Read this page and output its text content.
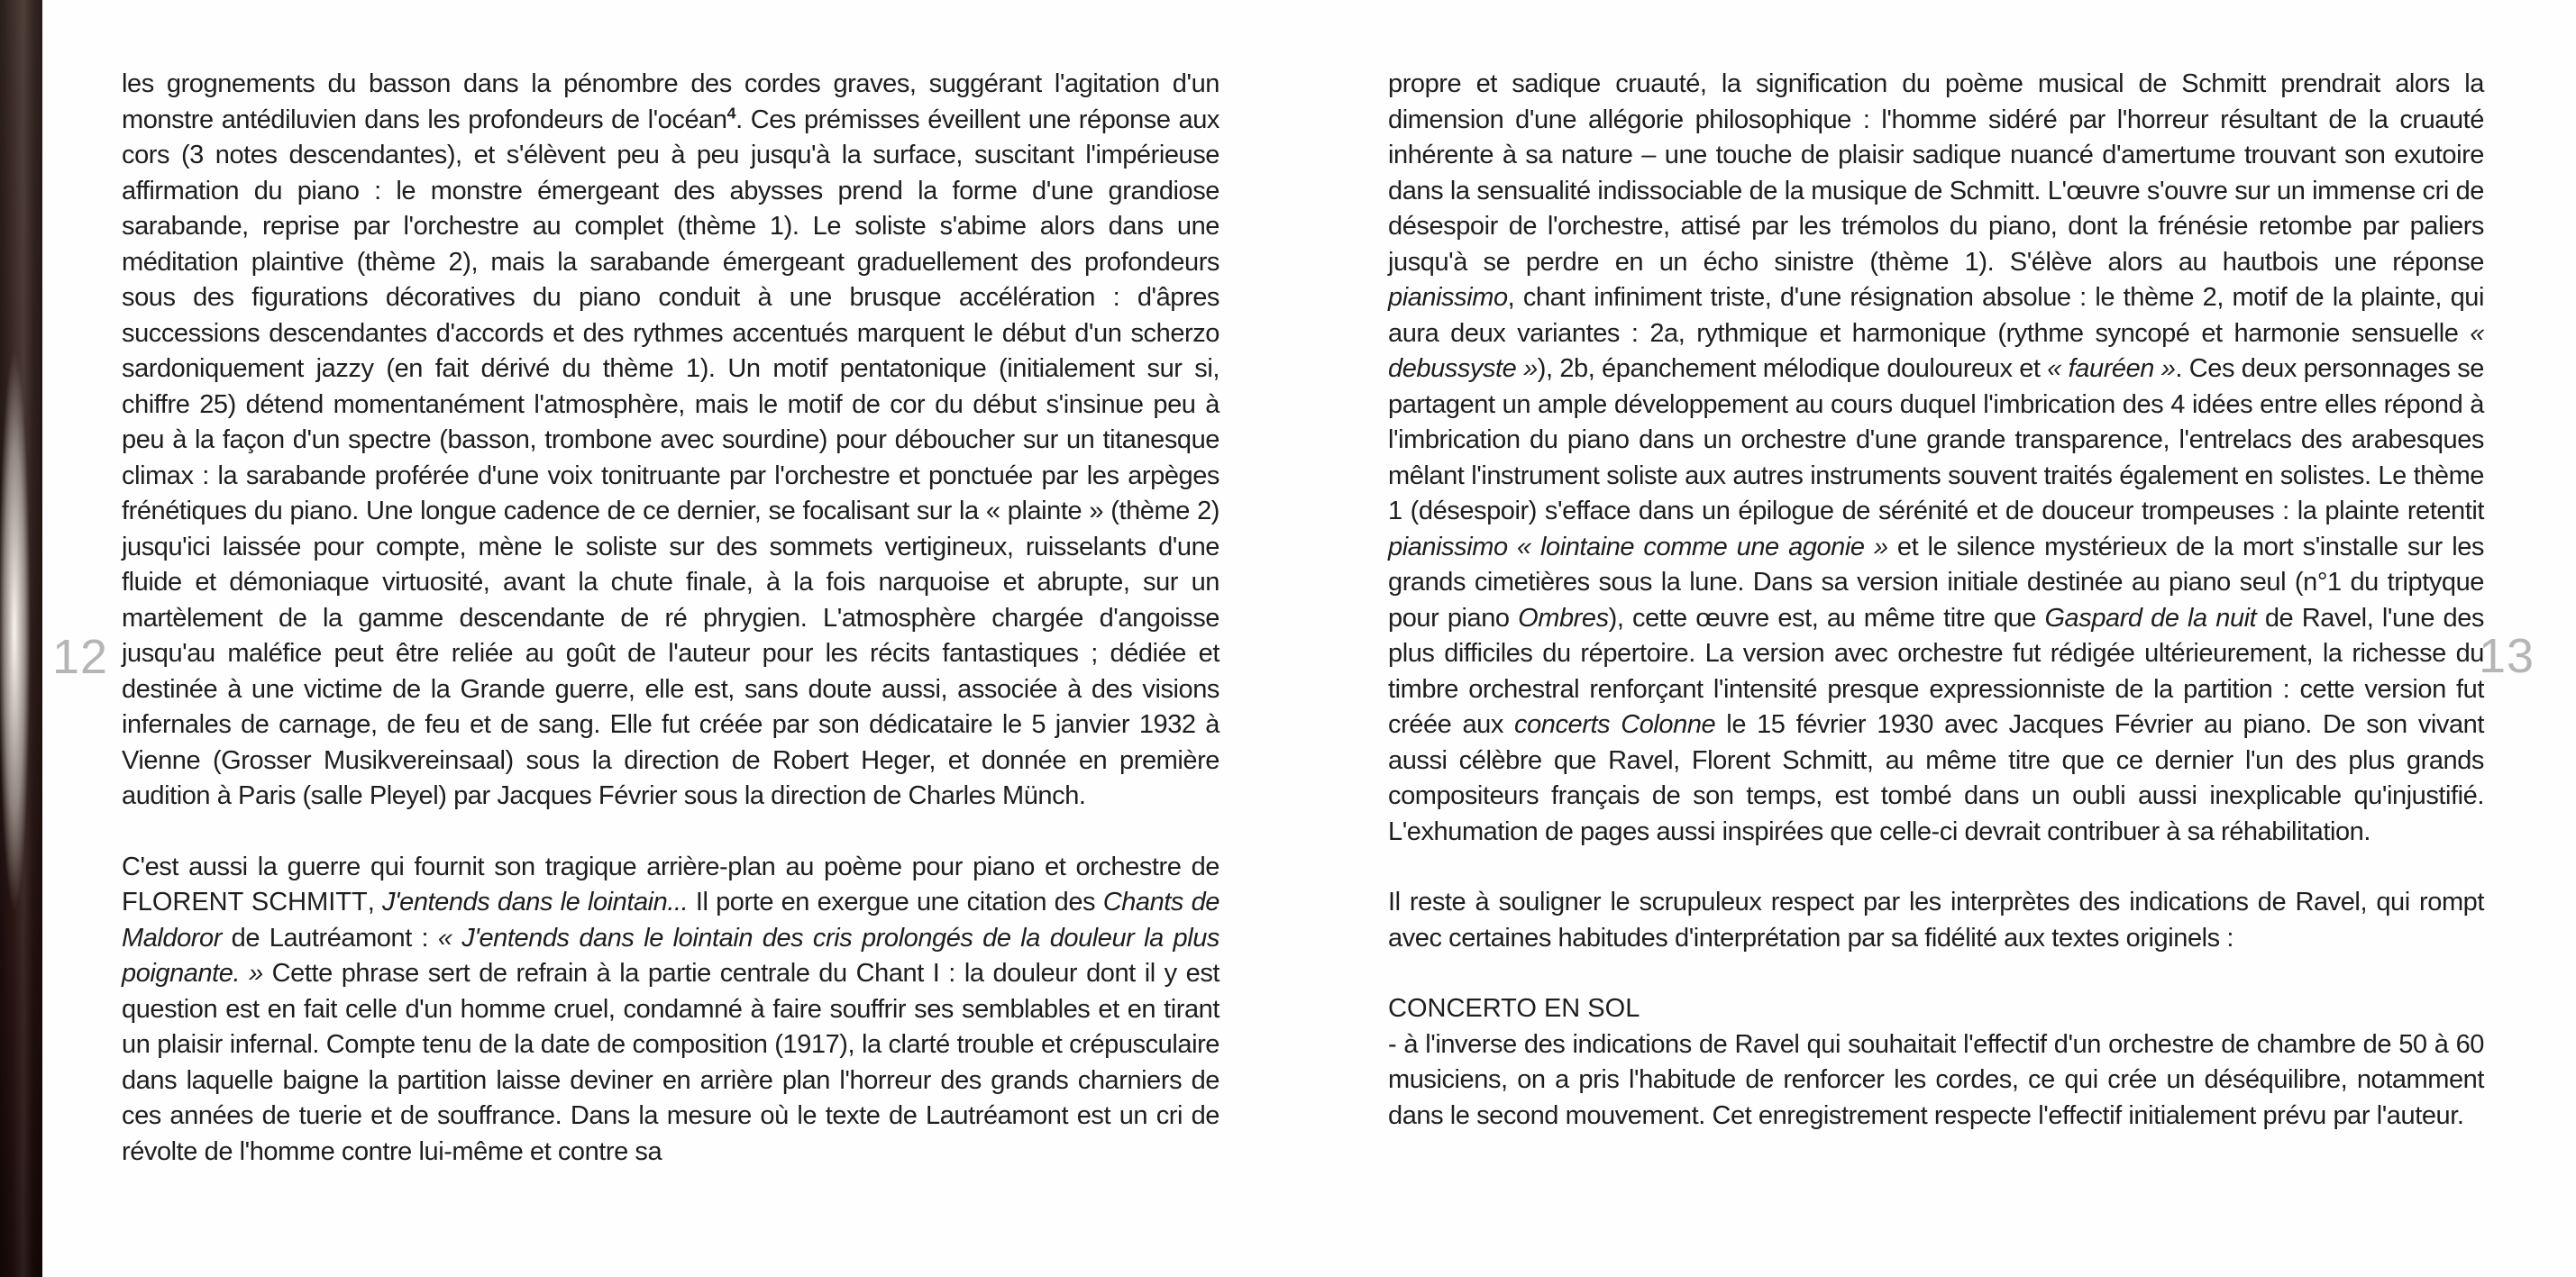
12	13

les grognements du basson dans la pénombre des cordes graves, suggérant l'agitation d'un monstre antédiluvien dans les profondeurs de l'océan$^4$. Ces prémisses éveillent une réponse aux cors (3 notes descendantes), et s'élèvent peu à peu jusqu'à la surface, suscitant l'impérieuse affirmation du piano : le monstre émergeant des abysses prend la forme d'une grandiose sarabande, reprise par l'orchestre au complet (thème 1). Le soliste s'abime alors dans une méditation plaintive (thème 2), mais la sarabande émergeant graduellement des profondeurs sous des figurations décoratives du piano conduit à une brusque accélération : d'âpres successions descendantes d'accords et des rythmes accentués marquent le début d'un scherzo sardoniquement jazzy (en fait dérivé du thème 1). Un motif pentatonique (initialement sur si, chiffre 25) détend momentanément l'atmosphère, mais le motif de cor du début s'insinue peu à peu à la façon d'un spectre (basson, trombone avec sourdine) pour déboucher sur un titanesque climax : la sarabande proférée d'une voix tonitruante par l'orchestre et ponctuée par les arpèges frénétiques du piano. Une longue cadence de ce dernier, se focalisant sur la « plainte » (thème 2) jusqu'ici laissée pour compte, mène le soliste sur des sommets vertigineux, ruisselants d'une fluide et démoniaque virtuosité, avant la chute finale, à la fois narquoise et abrupte, sur un martèlement de la gamme descendante de ré phrygien. L'atmosphère chargée d'angoisse jusqu'au maléfice peut être reliée au goût de l'auteur pour les récits fantastiques ; dédiée et destinée à une victime de la Grande guerre, elle est, sans doute aussi, associée à des visions infernales de carnage, de feu et de sang. Elle fut créée par son dédicataire le 5 janvier 1932 à Vienne (Grosser Musikvereinsaal) sous la direction de Robert Heger, et donnée en première audition à Paris (salle Pleyel) par Jacques Février sous la direction de Charles Münch.

C'est aussi la guerre qui fournit son tragique arrière-plan au poème pour piano et orchestre de FLORENT SCHMITT, J'entends dans le lointain... Il porte en exergue une citation des Chants de Maldoror de Lautréamont : « J'entends dans le lointain des cris prolongés de la douleur la plus poignante. » Cette phrase sert de refrain à la partie centrale du Chant I : la douleur dont il y est question est en fait celle d'un homme cruel, condamné à faire souffrir ses semblables et en tirant un plaisir infernal. Compte tenu de la date de composition (1917), la clarté trouble et crépusculaire dans laquelle baigne la partition laisse deviner en arrière plan l'horreur des grands charniers de ces années de tuerie et de souffrance. Dans la mesure où le texte de Lautréamont est un cri de révolte de l'homme contre lui-même et contre sa

propre et sadique cruauté, la signification du poème musical de Schmitt prendrait alors la dimension d'une allégorie philosophique : l'homme sidéré par l'horreur résultant de la cruauté inhérente à sa nature – une touche de plaisir sadique nuancé d'amertume trouvant son exutoire dans la sensualité indissociable de la musique de Schmitt. L'œuvre s'ouvre sur un immense cri de désespoir de l'orchestre, attisé par les trémolos du piano, dont la frénésie retombe par paliers jusqu'à se perdre en un écho sinistre (thème 1). S'élève alors au hautbois une réponse pianissimo, chant infiniment triste, d'une résignation absolue : le thème 2, motif de la plainte, qui aura deux variantes : 2a, rythmique et harmonique (rythme syncopé et harmonie sensuelle « debussyste »), 2b, épanchement mélodique douloureux et « fauréen ». Ces deux personnages se partagent un ample développement au cours duquel l'imbrication des 4 idées entre elles répond à l'imbrication du piano dans un orchestre d'une grande transparence, l'entrelacs des arabesques mêlant l'instrument soliste aux autres instruments souvent traités également en solistes. Le thème 1 (désespoir) s'efface dans un épilogue de sérénité et de douceur trompeuses : la plainte retentit pianissimo « lointaine comme une agonie » et le silence mystérieux de la mort s'installe sur les grands cimetières sous la lune. Dans sa version initiale destinée au piano seul (n°1 du triptyque pour piano Ombres), cette œuvre est, au même titre que Gaspard de la nuit de Ravel, l'une des plus difficiles du répertoire. La version avec orchestre fut rédigée ultérieurement, la richesse du timbre orchestral renforçant l'intensité presque expressionniste de la partition : cette version fut créée aux concerts Colonne le 15 février 1930 avec Jacques Février au piano. De son vivant aussi célèbre que Ravel, Florent Schmitt, au même titre que ce dernier l'un des plus grands compositeurs français de son temps, est tombé dans un oubli aussi inexplicable qu'injustifié. L'exhumation de pages aussi inspirées que celle-ci devrait contribuer à sa réhabilitation.

Il reste à souligner le scrupuleux respect par les interprètes des indications de Ravel, qui rompt avec certaines habitudes d'interprétation par sa fidélité aux textes originels :

CONCERTO EN SOL

- à l'inverse des indications de Ravel qui souhaitait l'effectif d'un orchestre de chambre de 50 à 60 musiciens, on a pris l'habitude de renforcer les cordes, ce qui crée un déséquilibre, notamment dans le second mouvement. Cet enregistrement respecte l'effectif initialement prévu par l'auteur.
